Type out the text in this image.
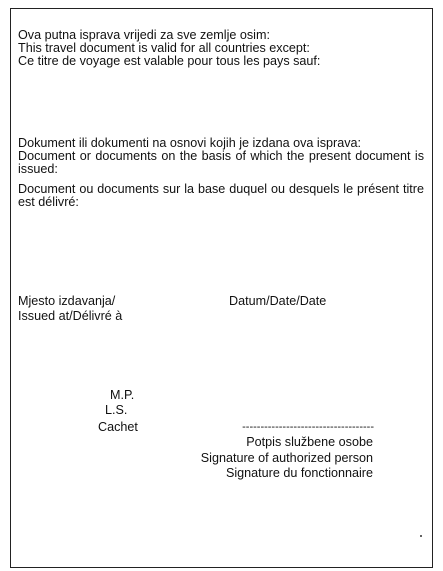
Ova putna isprava vrijedi za sve zemlje osim:
This travel document is valid for all countries except:
Ce titre de voyage est valable pour tous les pays sauf:
Dokument ili dokumenti na osnovi kojih je izdana ova isprava:
Document or documents on the basis of which the present document is issued:
Document ou documents sur la base duquel ou desquels le présent titre est délivré:
Mjesto izdavanja/
Issued at/Délivré à
Datum/Date/Date
M.P.
L.S.
Cachet	------------------------------------
Potpis službene osobe
Signature of authorized person
Signature du fonctionnaire
